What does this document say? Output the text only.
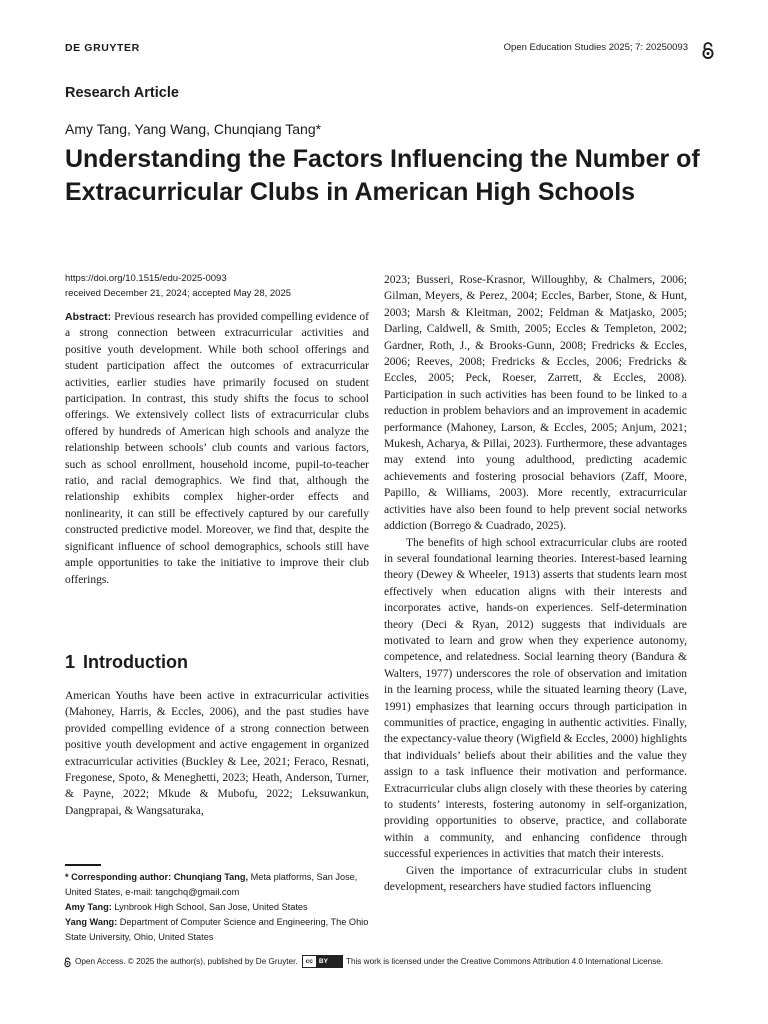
DE GRUYTER	Open Education Studies 2025; 7: 20250093
Research Article
Amy Tang, Yang Wang, Chunqiang Tang*
Understanding the Factors Influencing the Number of Extracurricular Clubs in American High Schools
https://doi.org/10.1515/edu-2025-0093
received December 21, 2024; accepted May 28, 2025

Abstract: Previous research has provided compelling evidence of a strong connection between extracurricular activities and positive youth development. While both school offerings and student participation affect the outcomes of extracurricular activities, earlier studies have primarily focused on student participation. In contrast, this study shifts the focus to school offerings. We extensively collect lists of extracurricular clubs offered by hundreds of American high schools and analyze the relationship between schools’ club counts and various factors, such as school enrollment, household income, pupil-to-teacher ratio, and racial demographics. We find that, although the relationship exhibits complex higher-order effects and nonlinearity, it can still be effectively captured by our carefully constructed predictive model. Moreover, we find that, despite the significant influence of school demographics, schools still have ample opportunities to take the initiative to improve their club offerings.

1 Introduction

American Youths have been active in extracurricular activities (Mahoney, Harris, & Eccles, 2006), and the past studies have provided compelling evidence of a strong connection between positive youth development and active engagement in organized extracurricular activities (Buckley & Lee, 2021; Feraco, Resnati, Fregonese, Spoto, & Meneghetti, 2023; Heath, Anderson, Turner, & Payne, 2022; Mkude & Mubofu, 2022; Leksuwankun, Dangprapai, & Wangsaturaka,

* Corresponding author: Chunqiang Tang, Meta platforms, San Jose, United States, e-mail: tangchq@gmail.com

Amy Tang: Lynbrook High School, San Jose, United States

Yang Wang: Department of Computer Science and Engineering, The Ohio State University, Ohio, United States

2023; Busseri, Rose-Krasnor, Willoughby, & Chalmers, 2006; Gilman, Meyers, & Perez, 2004; Eccles, Barber, Stone, & Hunt, 2003; Marsh & Kleitman, 2002; Feldman & Matjasko, 2005; Darling, Caldwell, & Smith, 2005; Eccles & Templeton, 2002; Gardner, Roth, J., & Brooks-Gunn, 2008; Fredricks & Eccles, 2006; Reeves, 2008; Fredricks & Eccles, 2006; Fredricks & Eccles, 2005; Peck, Roeser, Zarrett, & Eccles, 2008). Participation in such activities has been found to be linked to a reduction in problem behaviors and an improvement in academic performance (Mahoney, Larson, & Eccles, 2005; Anjum, 2021; Mukesh, Acharya, & Pillai, 2023). Furthermore, these advantages may extend into young adulthood, predicting academic achievements and fostering prosocial behaviors (Zaff, Moore, Papillo, & Williams, 2003). More recently, extracurricular activities have also been found to help prevent social networks addiction (Borrego & Cuadrado, 2025).

The benefits of high school extracurricular clubs are rooted in several foundational learning theories. Interest-based learning theory (Dewey & Wheeler, 1913) asserts that students learn most effectively when education aligns with their interests and incorporates active, hands-on experiences. Self-determination theory (Deci & Ryan, 2012) suggests that individuals are motivated to learn and grow when they experience autonomy, competence, and relatedness. Social learning theory (Bandura & Walters, 1977) underscores the role of observation and imitation in the learning process, while the situated learning theory (Lave, 1991) emphasizes that learning occurs through participation in communities of practice, engaging in authentic activities. Finally, the expectancy-value theory (Wigfield & Eccles, 2000) highlights that individuals’ beliefs about their abilities and the value they assign to a task influence their motivation and performance. Extracurricular clubs align closely with these theories by catering to students’ interests, fostering autonomy in self-organization, providing opportunities to observe, practice, and collaborate within a community, and enhancing confidence through successful experiences in activities that match their interests.

Given the importance of extracurricular clubs in student development, researchers have studied factors influencing

Open Access. © 2025 the author(s), published by De Gruyter.	cc BY	This work is licensed under the Creative Commons Attribution 4.0 International License.
